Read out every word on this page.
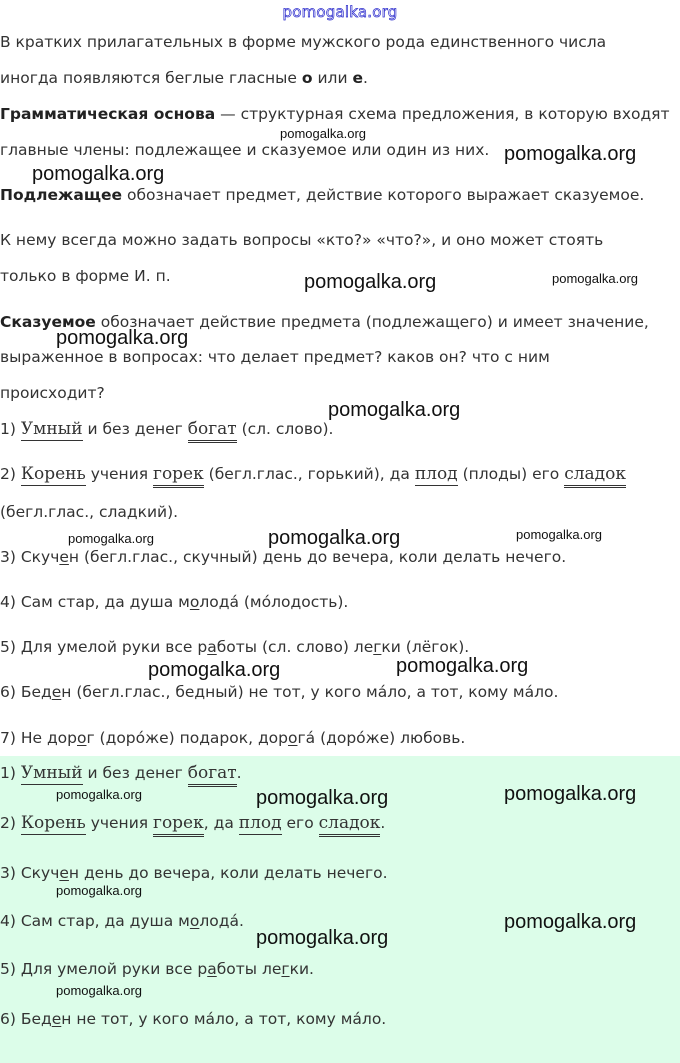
pomogalka.org
В кратких прилагательных в форме мужского рода единственного числа
иногда появляются беглые гласные о или е.
Грамматическая основа — структурная схема предложения, в которую входят
главные члены: подлежащее и сказуемое или один из них.
Подлежащее обозначает предмет, действие которого выражает сказуемое.
К нему всегда можно задать вопросы «кто?» «что?», и оно может стоять
только в форме И. п.
Сказуемое обозначает действие предмета (подлежащего) и имеет значение,
выраженное в вопросах: что делает предмет? каков он? что с ним
происходит?
1) Умный и без денег богат (сл. слово).
2) Корень учения горек (бегл.глас., горький), да плод (плоды) его сладок
(бегл.глас., сладкий).
3) Скучен (бегл.глас., скучный) день до вечера, коли делать нечего.
4) Сам стар, да душа молода́ (мо́лодость).
5) Для умелой руки все работы (сл. слово) легки (лёгок).
6) Беден (бегл.глас., бедный) не тот, у кого ма́ло, а тот, кому ма́ло.
7) Не дорог (доро́же) подарок, дорога́ (доро́же) любовь.
1) Умный и без денег богат.
2) Корень учения горек, да плод его сладок.
3) Скучен день до вечера, коли делать нечего.
4) Сам стар, да душа молода́.
5) Для умелой руки все работы легки.
6) Беден не тот, у кого ма́ло, а тот, кому ма́ло.
pomogalka.org
pomogalka.org
pomogalka.org
pomogalka.org	pomogalka.org
pomogalka.org
pomogalka.org
pomogalka.org
pomogalka.org	pomogalka.org
pomogalka.org	pomogalka.org
pomogalka.org	pomogalka.org	pomogalka.org
pomogalka.org
pomogalka.org
pomogalka.org
pomogalka.org
